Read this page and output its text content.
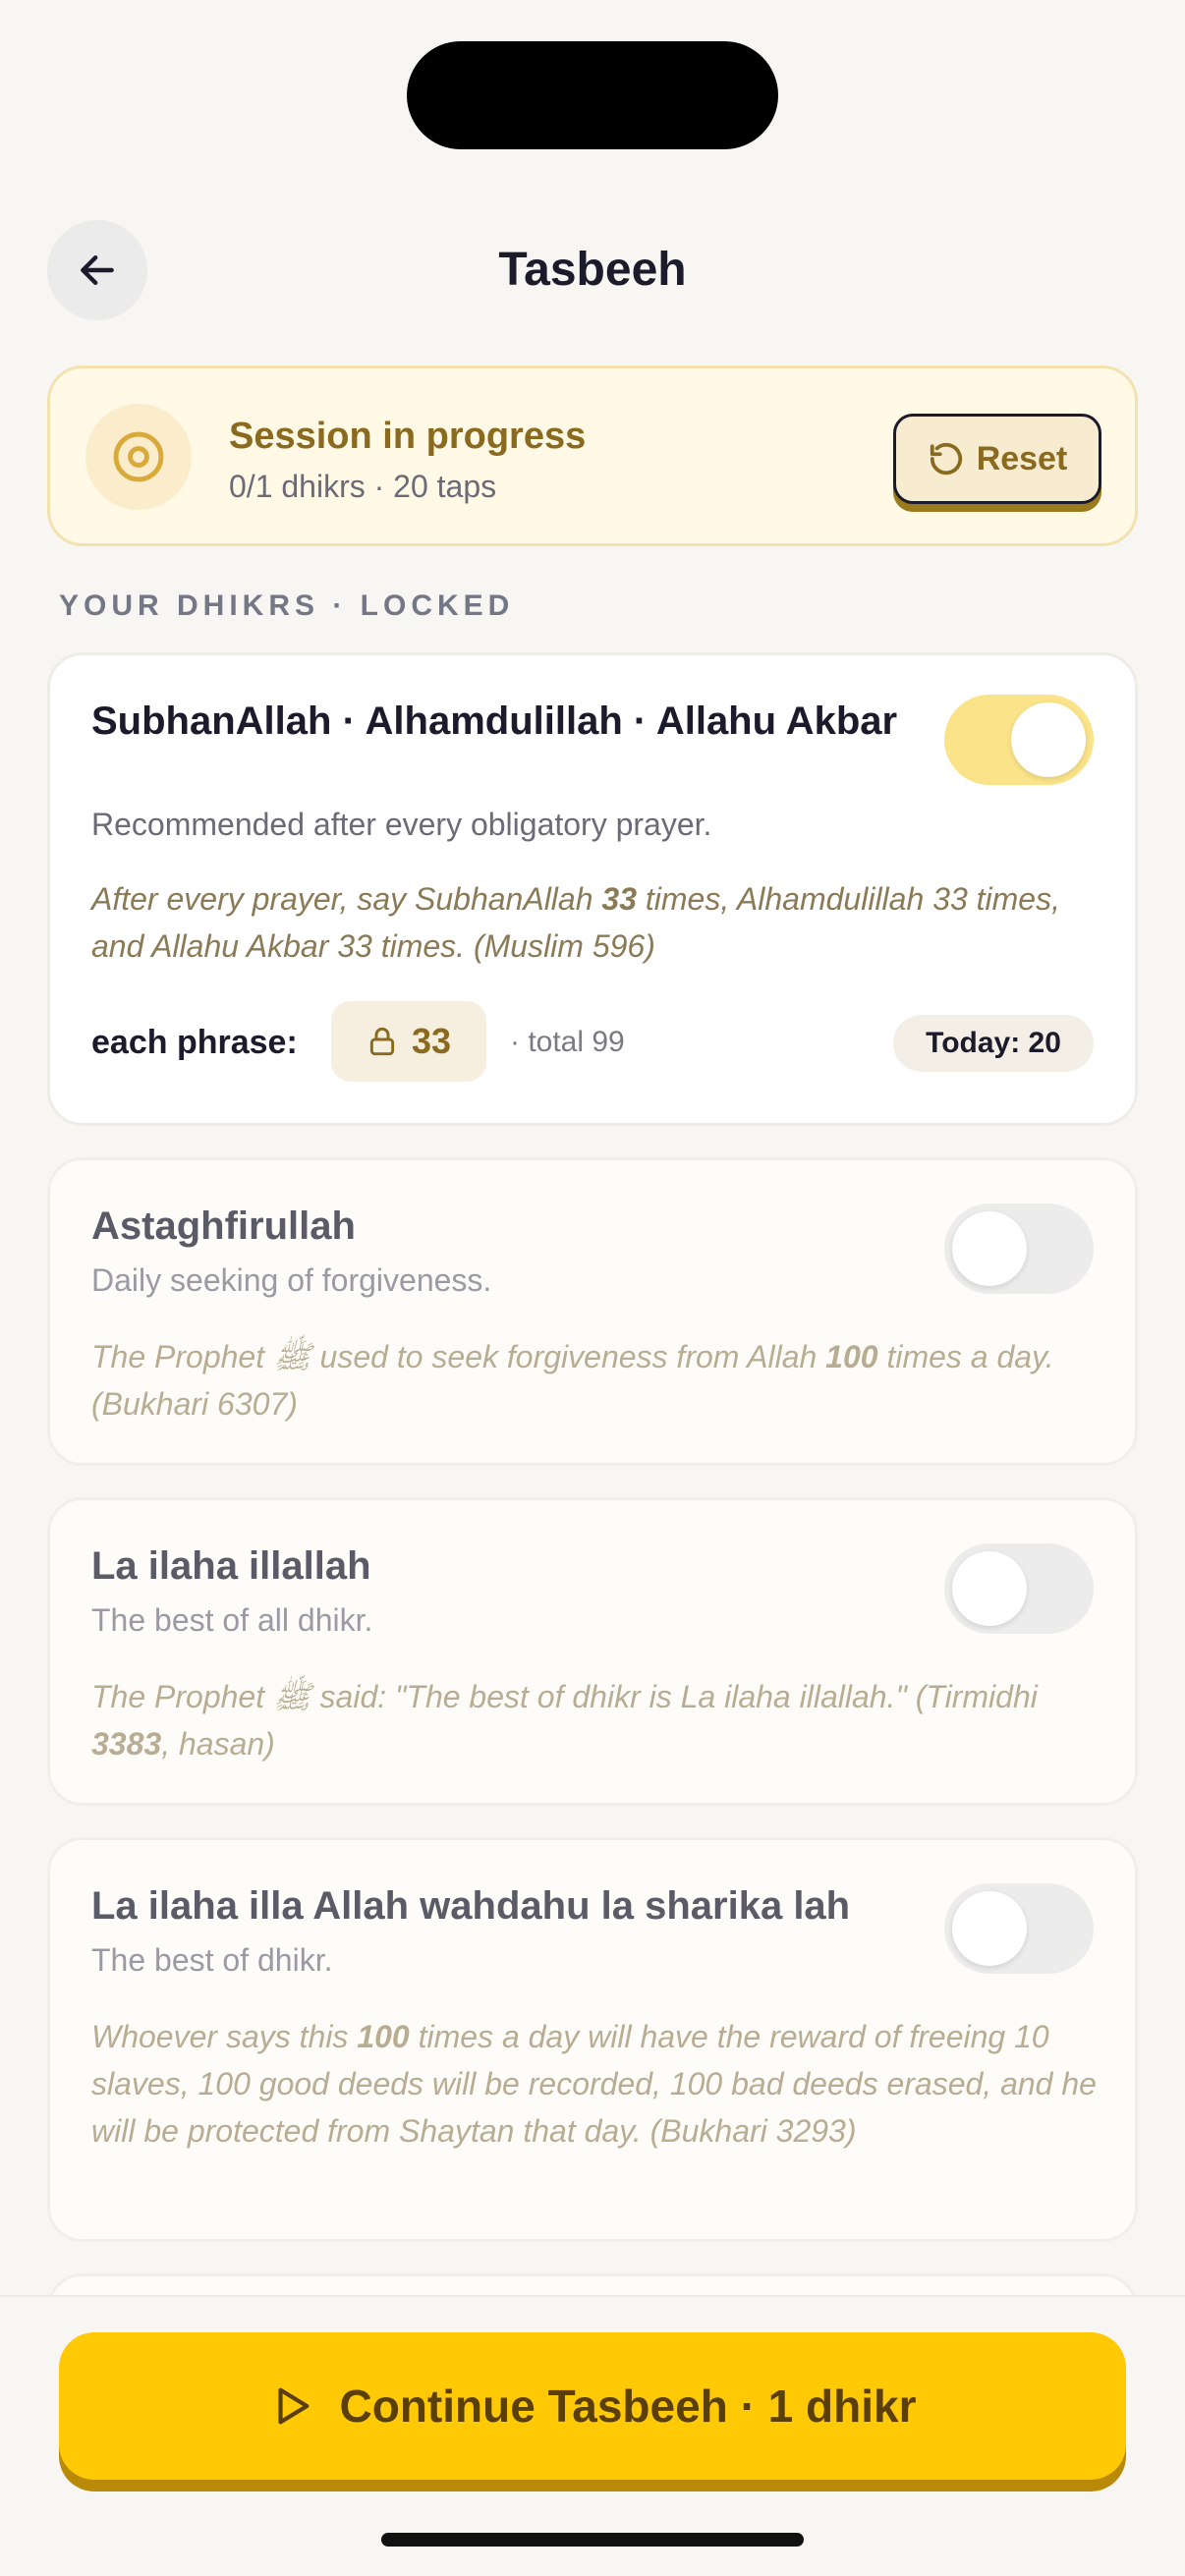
Tasbeeh
Session in progress
0/1 dhikrs · 20 taps
Reset
YOUR DHIKRS · LOCKED
SubhanAllah · Alhamdulillah · Allahu Akbar
Recommended after every obligatory prayer.
After every prayer, say SubhanAllah 33 times, Alhamdulillah 33 times, and Allahu Akbar 33 times. (Muslim 596)
each phrase:	33 · total 99	Today: 20
Astaghfirullah
Daily seeking of forgiveness.
The Prophet ﷺ used to seek forgiveness from Allah 100 times a day. (Bukhari 6307)
La ilaha illallah
The best of all dhikr.
The Prophet ﷺ said: "The best of dhikr is La ilaha illallah." (Tirmidhi 3383, hasan)
La ilaha illa Allah wahdahu la sharika lah
The best of dhikr.
Whoever says this 100 times a day will have the reward of freeing 10 slaves, 100 good deeds will be recorded, 100 bad deeds erased, and he will be protected from Shaytan that day. (Bukhari 3293)
Continue Tasbeeh · 1 dhikr
